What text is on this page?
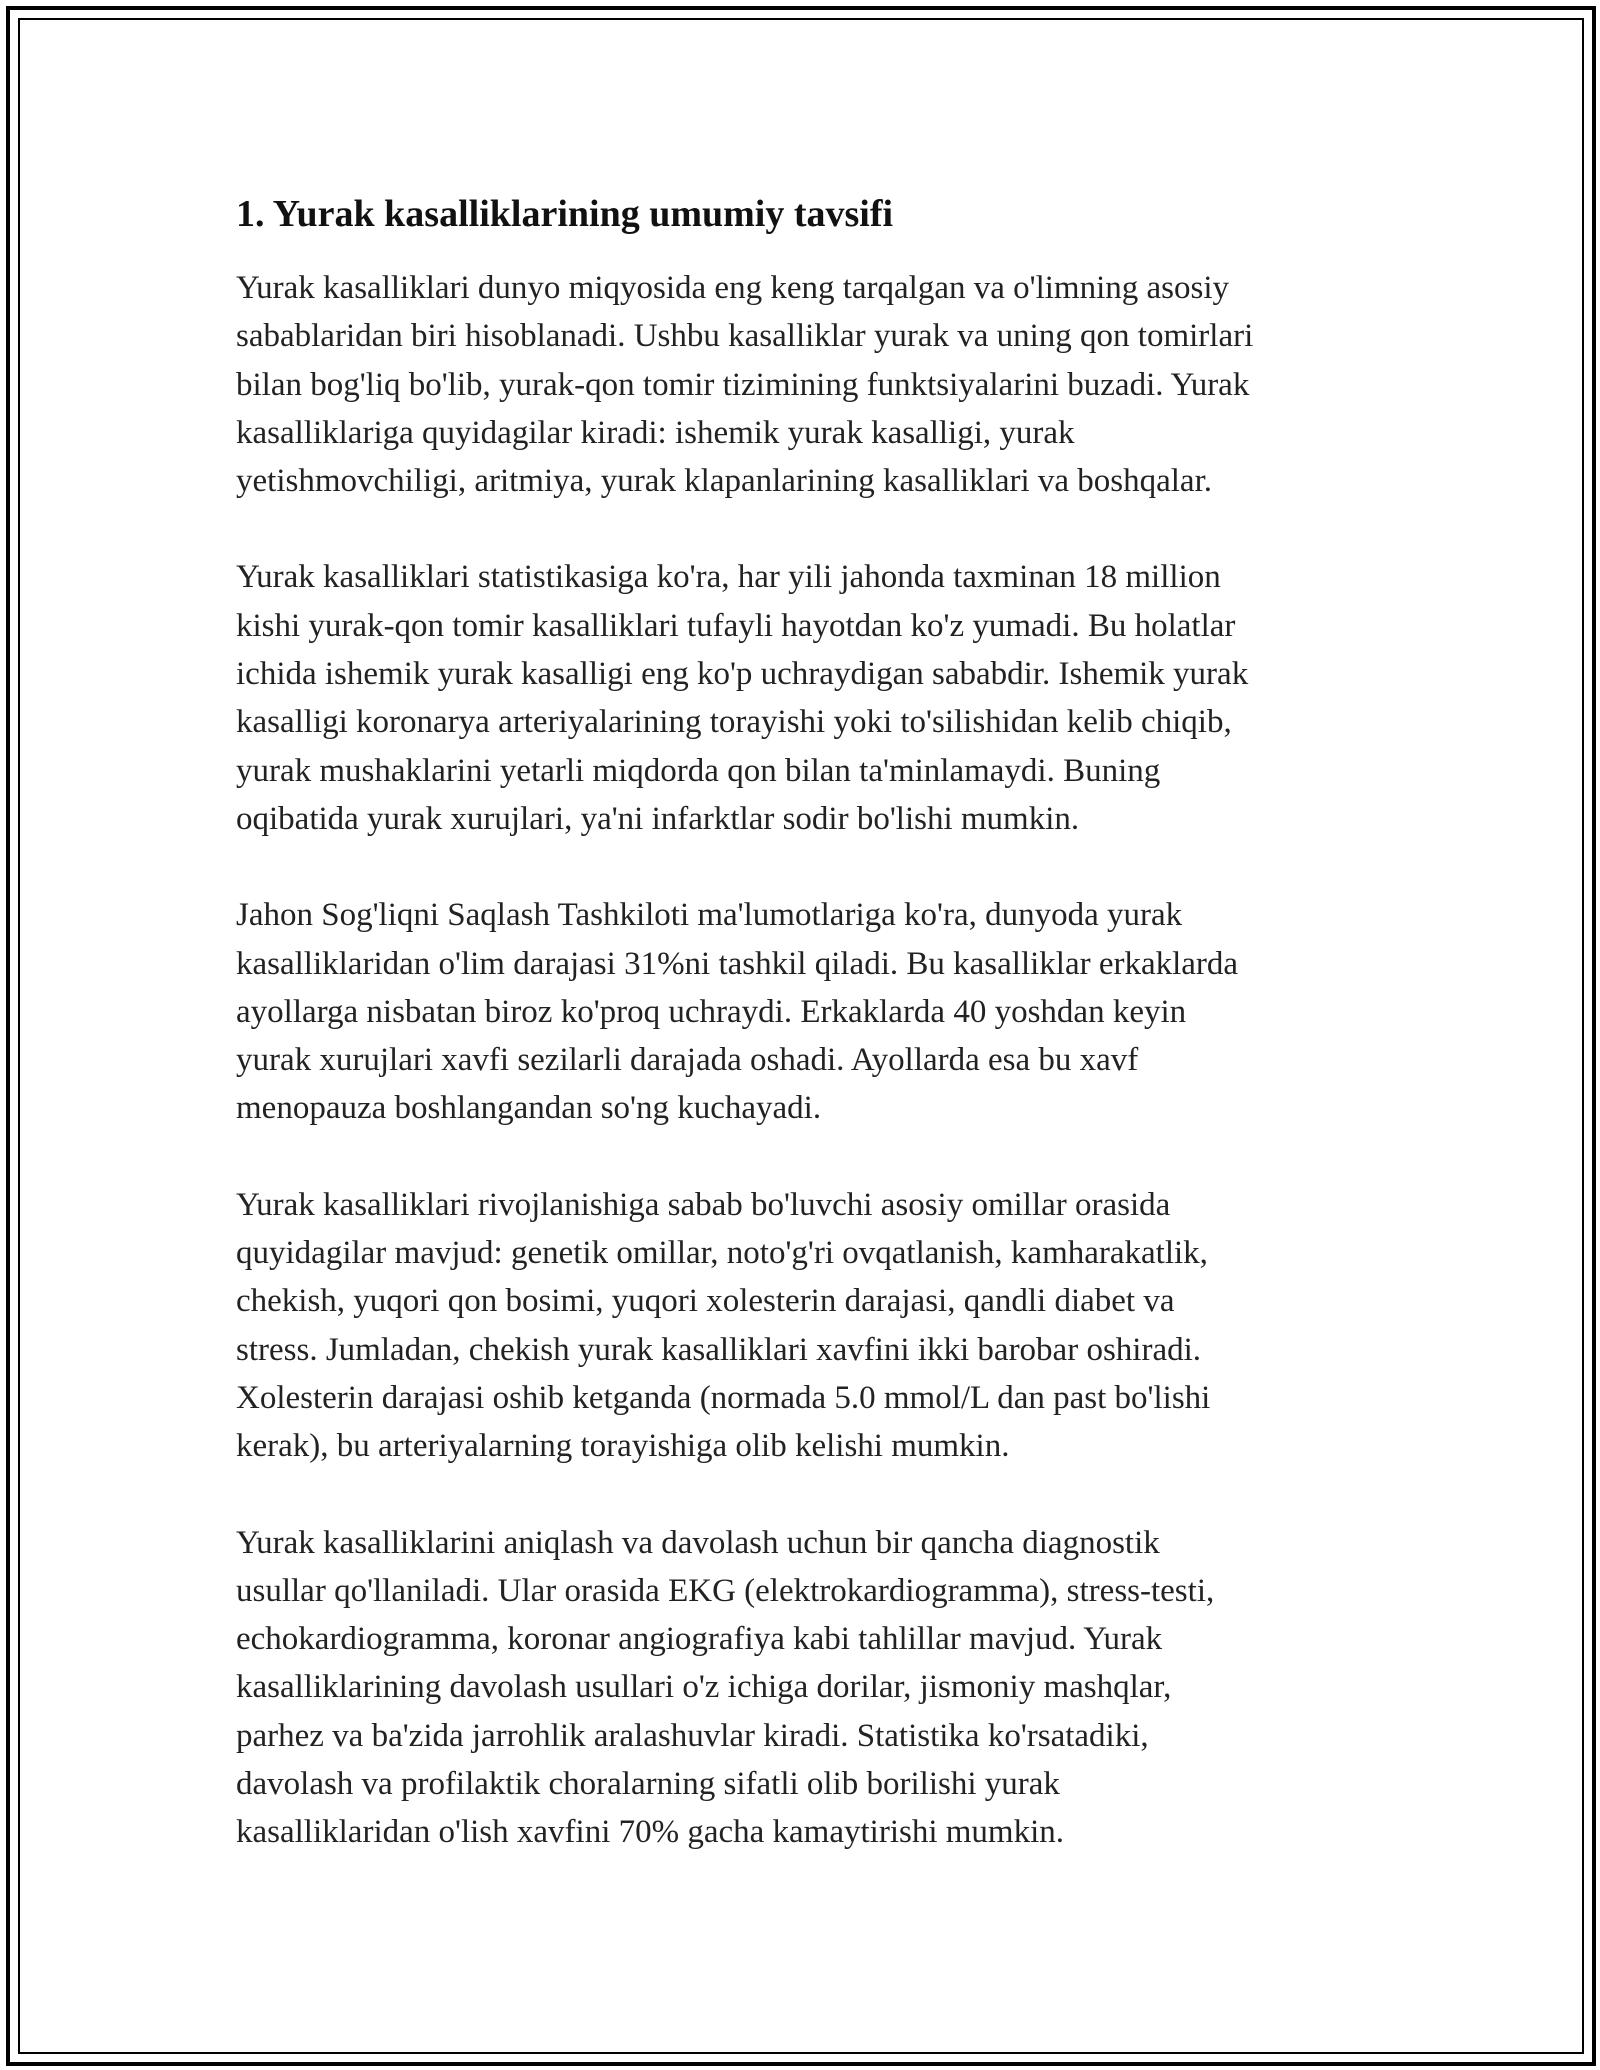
1. Yurak kasalliklarining umumiy tavsifi

Yurak kasalliklari dunyo miqyosida eng keng tarqalgan va o'limning asosiy
sabablaridan biri hisoblanadi. Ushbu kasalliklar yurak va uning qon tomirlari
bilan bog'liq bo'lib, yurak-qon tomir tizimining funktsiyalarini buzadi. Yurak
kasalliklariga quyidagilar kiradi: ishemik yurak kasalligi, yurak
yetishmovchiligi, aritmiya, yurak klapanlarining kasalliklari va boshqalar.

Yurak kasalliklari statistikasiga ko'ra, har yili jahonda taxminan 18 million
kishi yurak-qon tomir kasalliklari tufayli hayotdan ko'z yumadi. Bu holatlar
ichida ishemik yurak kasalligi eng ko'p uchraydigan sababdir. Ishemik yurak
kasalligi koronarya arteriyalarining torayishi yoki to'silishidan kelib chiqib,
yurak mushaklarini yetarli miqdorda qon bilan ta'minlamaydi. Buning
oqibatida yurak xurujlari, ya'ni infarktlar sodir bo'lishi mumkin.

Jahon Sog'liqni Saqlash Tashkiloti ma'lumotlariga ko'ra, dunyoda yurak
kasalliklaridan o'lim darajasi 31%ni tashkil qiladi. Bu kasalliklar erkaklarda
ayollarga nisbatan biroz ko'proq uchraydi. Erkaklarda 40 yoshdan keyin
yurak xurujlari xavfi sezilarli darajada oshadi. Ayollarda esa bu xavf
menopauza boshlangandan so'ng kuchayadi.

Yurak kasalliklari rivojlanishiga sabab bo'luvchi asosiy omillar orasida
quyidagilar mavjud: genetik omillar, noto'g'ri ovqatlanish, kamharakatlik,
chekish, yuqori qon bosimi, yuqori xolesterin darajasi, qandli diabet va
stress. Jumladan, chekish yurak kasalliklari xavfini ikki barobar oshiradi.
Xolesterin darajasi oshib ketganda (normada 5.0 mmol/L dan past bo'lishi
kerak), bu arteriyalarning torayishiga olib kelishi mumkin.

Yurak kasalliklarini aniqlash va davolash uchun bir qancha diagnostik
usullar qo'llaniladi. Ular orasida EKG (elektrokardiogramma), stress-testi,
echokardiogramma, koronar angiografiya kabi tahlillar mavjud. Yurak
kasalliklarining davolash usullari o'z ichiga dorilar, jismoniy mashqlar,
parhez va ba'zida jarrohlik aralashuvlar kiradi. Statistika ko'rsatadiki,
davolash va profilaktik choralarning sifatli olib borilishi yurak
kasalliklaridan o'lish xavfini 70% gacha kamaytirishi mumkin.
